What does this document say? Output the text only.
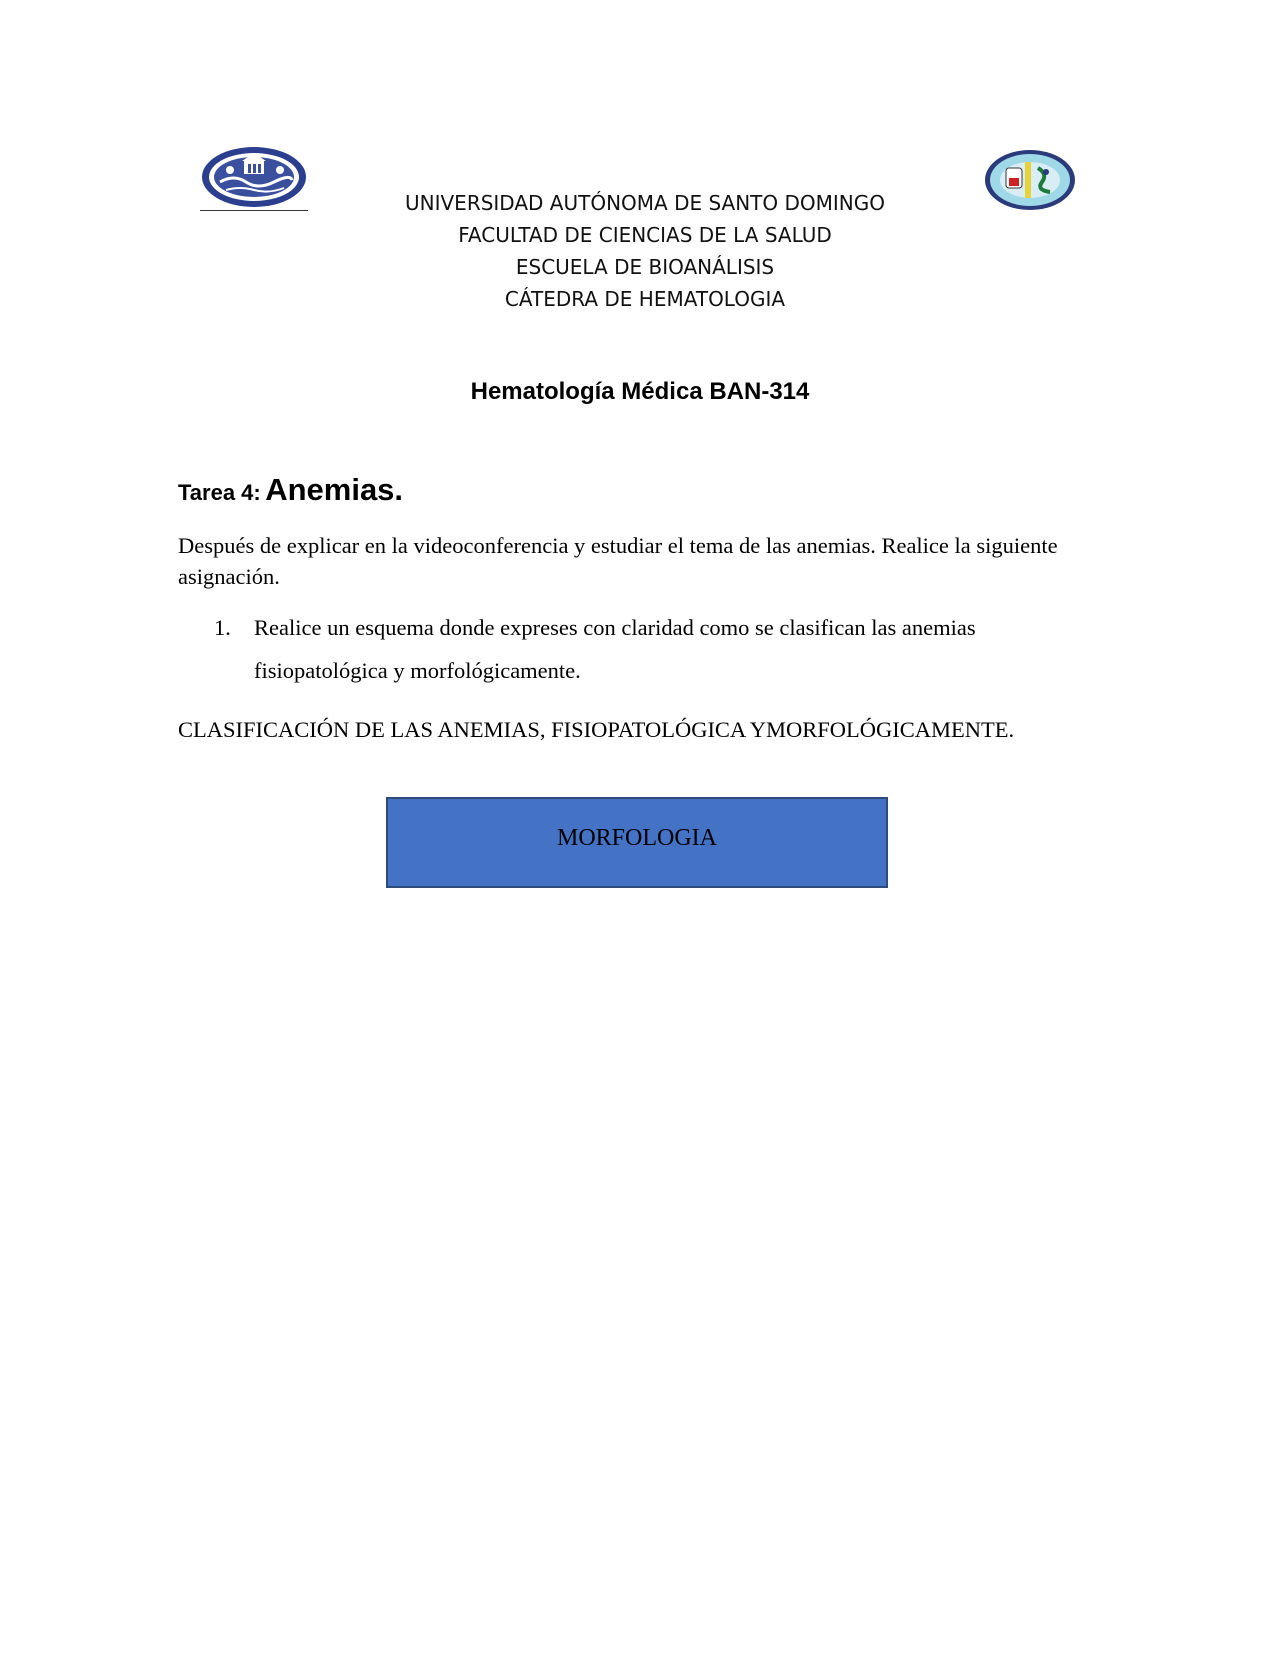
UNIVERSIDAD AUTÓNOMA DE SANTO DOMINGO
FACULTAD DE CIENCIAS DE LA SALUD
ESCUELA DE BIOANÁLISIS
CÁTEDRA DE HEMATOLOGIA
Hematología Médica BAN-314
Tarea 4: Anemias.
Después de explicar en la videoconferencia y estudiar el tema de las anemias. Realice la siguiente asignación.
1. Realice un esquema donde expreses con claridad como se clasifican las anemias fisiopatológica y morfológicamente.
CLASIFICACIÓN DE LAS ANEMIAS, FISIOPATOLÓGICA YMORFOLÓGICAMENTE.
MORFOLOGIA
